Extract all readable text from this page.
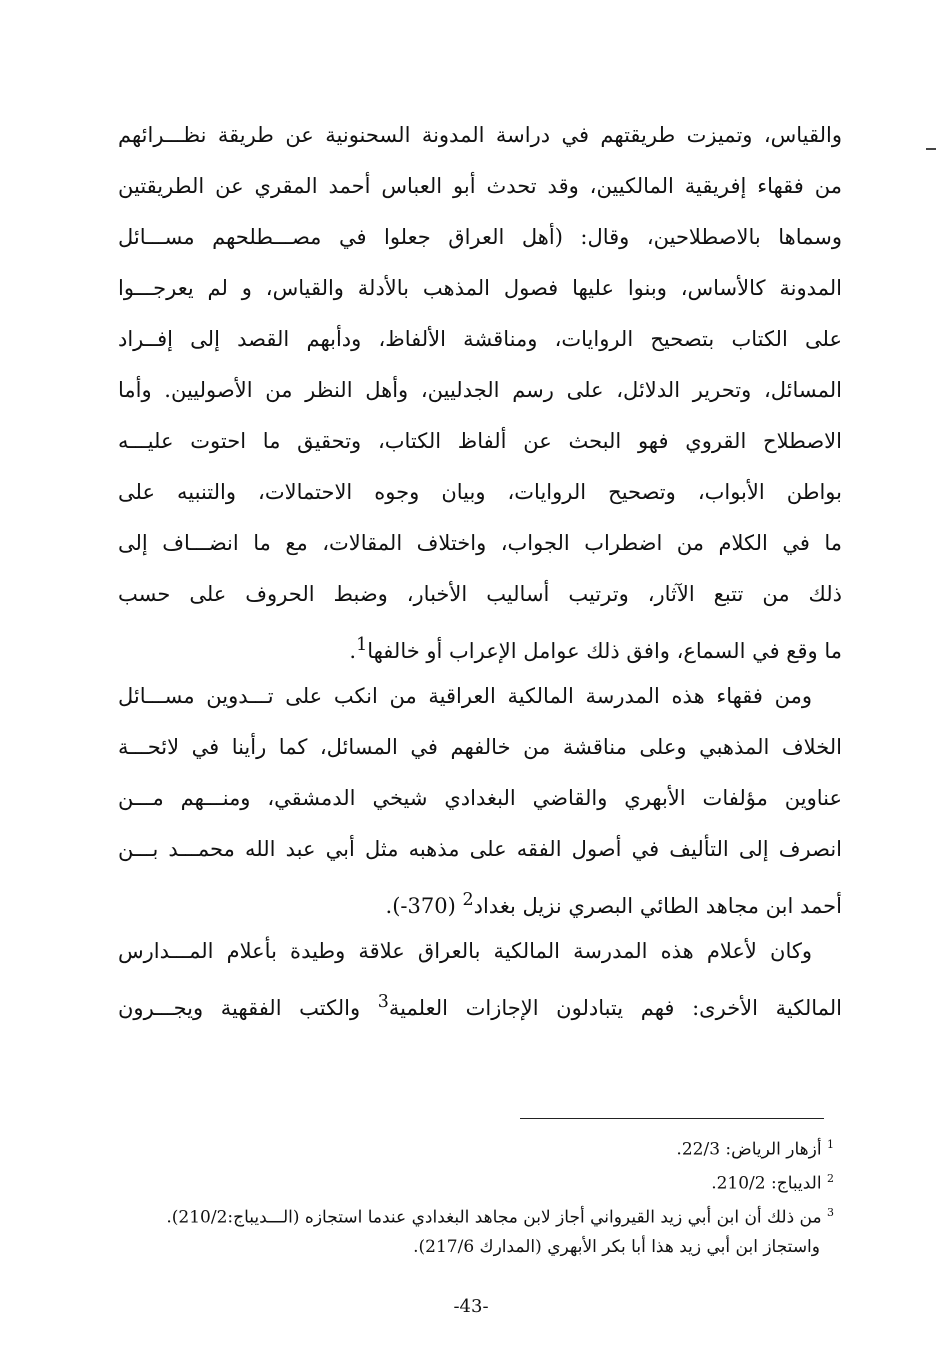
والقياس، وتميزت طريقتهم في دراسة المدونة السحنونية عن طريقة نظـــرائهم
من فقهاء إفريقية المالكيين، وقد تحدث أبو العباس أحمد المقري عن الطريقتين
وسماها بالاصطلاحين، وقال: (أهل العراق جعلوا في مصـــطلحهم مســـائل
المدونة كالأساس، وبنوا عليها فصول المذهب بالأدلة والقياس، و لم يعرجـــوا
على الكتاب بتصحيح الروايات، ومناقشة الألفاظ، ودأبهم القصد إلى إفــراد
المسائل، وتحرير الدلائل، على رسم الجدليين، وأهل النظر من الأصوليين. وأما
الاصطلاح القروي فهو البحث عن ألفاظ الكتاب، وتحقيق ما احتوت عليـــه
بواطن الأبواب، وتصحيح الروايات، وبيان وجوه الاحتمالات، والتنبيه على
ما في الكلام من اضطراب الجواب، واختلاف المقالات، مع ما انضـــاف إلى
ذلك من تتبع الآثار، وترتيب أساليب الأخبار، وضبط الحروف على حسب
ما وقع في السماع، وافق ذلك عوامل الإعراب أو خالفها$^1$.
ومن فقهاء هذه المدرسة المالكية العراقية من انكب على تـــدوين مســـائل
الخلاف المذهبي وعلى مناقشة من خالفهم في المسائل، كما رأينا في لائحـــة
عناوين مؤلفات الأبهري والقاضي البغدادي شيخي الدمشقي، ومنـــهم مـــن
انصرف إلى التأليف في أصول الفقه على مذهبه مثل أبي عبد الله محمـــد بـــن
أحمد ابن مجاهد الطائي البصري نزيل بغداد$^2$ (370-).
وكان لأعلام هذه المدرسة المالكية بالعراق علاقة وطيدة بأعلام المـــدارس
المالكية الأخرى: فهم يتبادلون الإجازات العلمية$^3$ والكتب الفقهية ويجـــرون
$^1$ أزهار الرياض: 22/3.
$^2$ الديباج: 210/2.
$^3$ من ذلك أن ابن أبي زيد القيرواني أجاز لابن مجاهد البغدادي عندما استجازه (الـــديباج:210/2).
واستجاز ابن أبي زيد هذا أبا بكر الأبهري (المدارك 217/6).
-43-
